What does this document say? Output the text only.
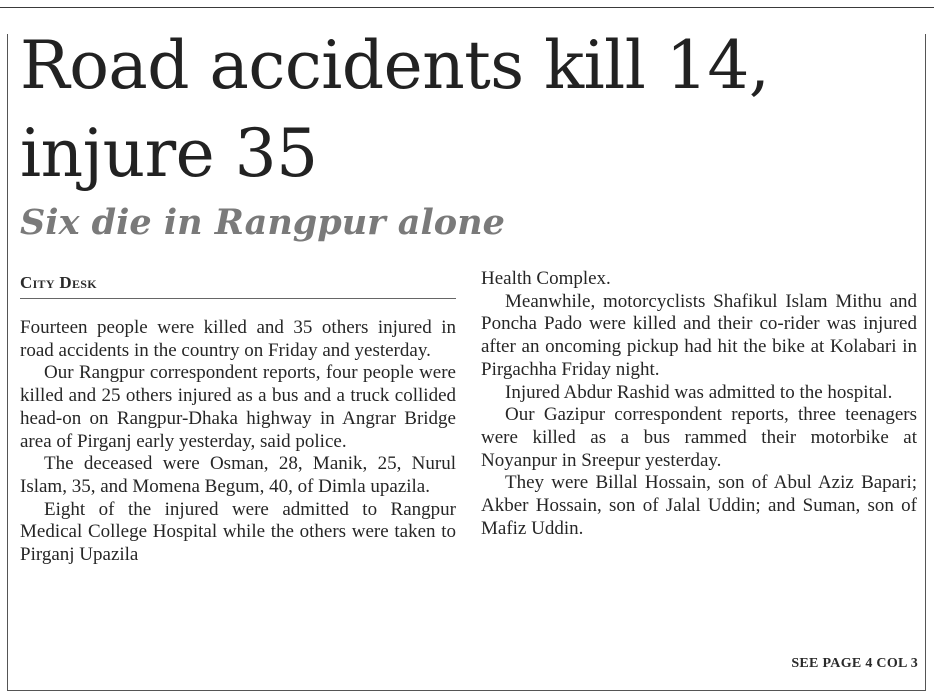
Road accidents kill 14, injure 35
Six die in Rangpur alone
City Desk

Fourteen people were killed and 35 others injured in road accidents in the country on Friday and yesterday.

Our Rangpur correspondent reports, four people were killed and 25 others injured as a bus and a truck collided head-on on Rangpur-Dhaka highway in Angrar Bridge area of Pirganj early yesterday, said police.

The deceased were Osman, 28, Manik, 25, Nurul Islam, 35, and Momena Begum, 40, of Dimla upazila.

Eight of the injured were admitted to Rangpur Medical College Hospital while the others were taken to Pirganj Upazila

Health Complex.

Meanwhile, motorcyclists Shafikul Islam Mithu and Poncha Pado were killed and their co-rider was injured after an oncoming pickup had hit the bike at Kolabari in Pirgachha Friday night.

Injured Abdur Rashid was admitted to the hospital.

Our Gazipur correspondent reports, three teenagers were killed as a bus rammed their motorbike at Noyanpur in Sreepur yesterday.

They were Billal Hossain, son of Abul Aziz Bapari; Akber Hossain, son of Jalal Uddin; and Suman, son of Mafiz Uddin.

SEE PAGE 4 COL 3
